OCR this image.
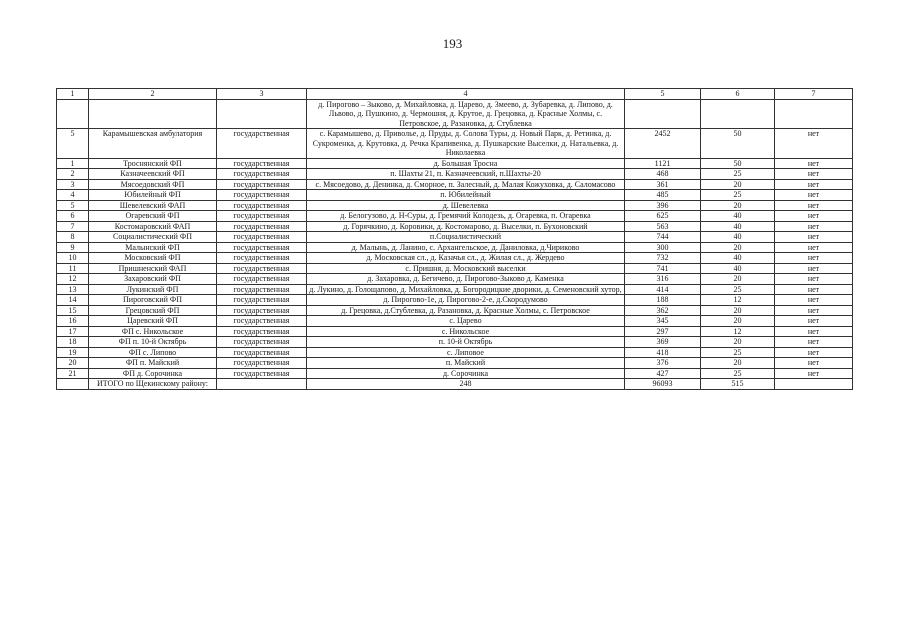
193
1	2	3	4	5	6	7
			д. Пирогово – Зыково, д. Михайловка, д. Царево, д. Змеево, д. Зубаревка, д. Липово, д. Львово, д. Пушкино, д. Чермошня, д. Крутое, д. Грецовка, д. Красные Холмы, с. Петровское, д. Разановка, д. Стублевка			
5	Карамышевская амбулатория	государственная	с. Карамышево, д. Приволье, д. Пруды, д. Солова Туры, д. Новый Парк, д. Ретинка, д. Сукроменка, д. Крутовка, д. Речка Крапивенка, д. Пушкарские Выселки, д. Натальевка, д. Николаевка	2452	50	нет
1	Троснянский ФП	государственная	д. Большая Тросна	1121	50	нет
2	Казначеевский ФП	государственная	п. Шахты 21, п. Казначеевский, п.Шахты-20	468	25	нет
3	Мясоедовский ФП	государственная	с. Мясоедово, д. Денинка, д. Сморное, п. Залесный, д. Малая Кожуховка, д. Саломасово	361	20	нет
4	Юбилейный ФП	государственная	п. Юбилейный	485	25	нет
5	Шевелевский ФАП	государственная	д. Шевелевка	396	20	нет
6	Огаревский ФП	государственная	д. Белогузово, д. Н-Суры, д. Гремячий Колодезь, д. Огаревка, п. Огаревка	625	40	нет
7	Костомаровский ФАП	государственная	д. Горячкино, д. Коровики, д. Костомарово, д. Выселки, п. Бухоновский	563	40	нет
8	Социалистический ФП	государственная	п.Социалистический	744	40	нет
9	Малынский ФП	государственная	д. Малынь, д. Ланино, с. Архангельское, д. Даниловка, д.Чириково	300	20	нет
10	Московский ФП	государственная	д. Московская сл., д. Казачья сл., д. Жилая сл., д. Жердево	732	40	нет
11	Пришненский ФАП	государственная	с. Пришня, д. Московский выселки	741	40	нет
12	Захаровский ФП	государственная	д. Захаровка, д. Бегичево, д. Пирогово-Зыково д. Каменка	316	20	нет
13	Лукинский ФП	государственная	д. Лукино, д. Голощапово, д. Михайловка, д. Богородицкие дворики, д. Семеновский хутор,	414	25	нет
14	Пироговский ФП	государственная	д. Пирогово-1е, д. Пирогово-2-е, д.Скородумово	188	12	нет
15	Грецовский ФП	государственная	д. Грецовка, д.Стублевка, д. Разановка, д. Красные Холмы, с. Петровское	362	20	нет
16	Царевский ФП	государственная	с. Царево	345	20	нет
17	ФП с. Никольское	государственная	с. Никольское	297	12	нет
18	ФП п. 10-й Октябрь	государственная	п. 10-й Октябрь	369	20	нет
19	ФП с. Липово	государственная	с. Липовое	418	25	нет
20	ФП п. Майский	государственная	п. Майский	376	20	нет
21	ФП д. Сорочинка	государственная	д. Сорочинка	427	25	нет
	ИТОГО по Щекинскому району:		248	96093	515	
